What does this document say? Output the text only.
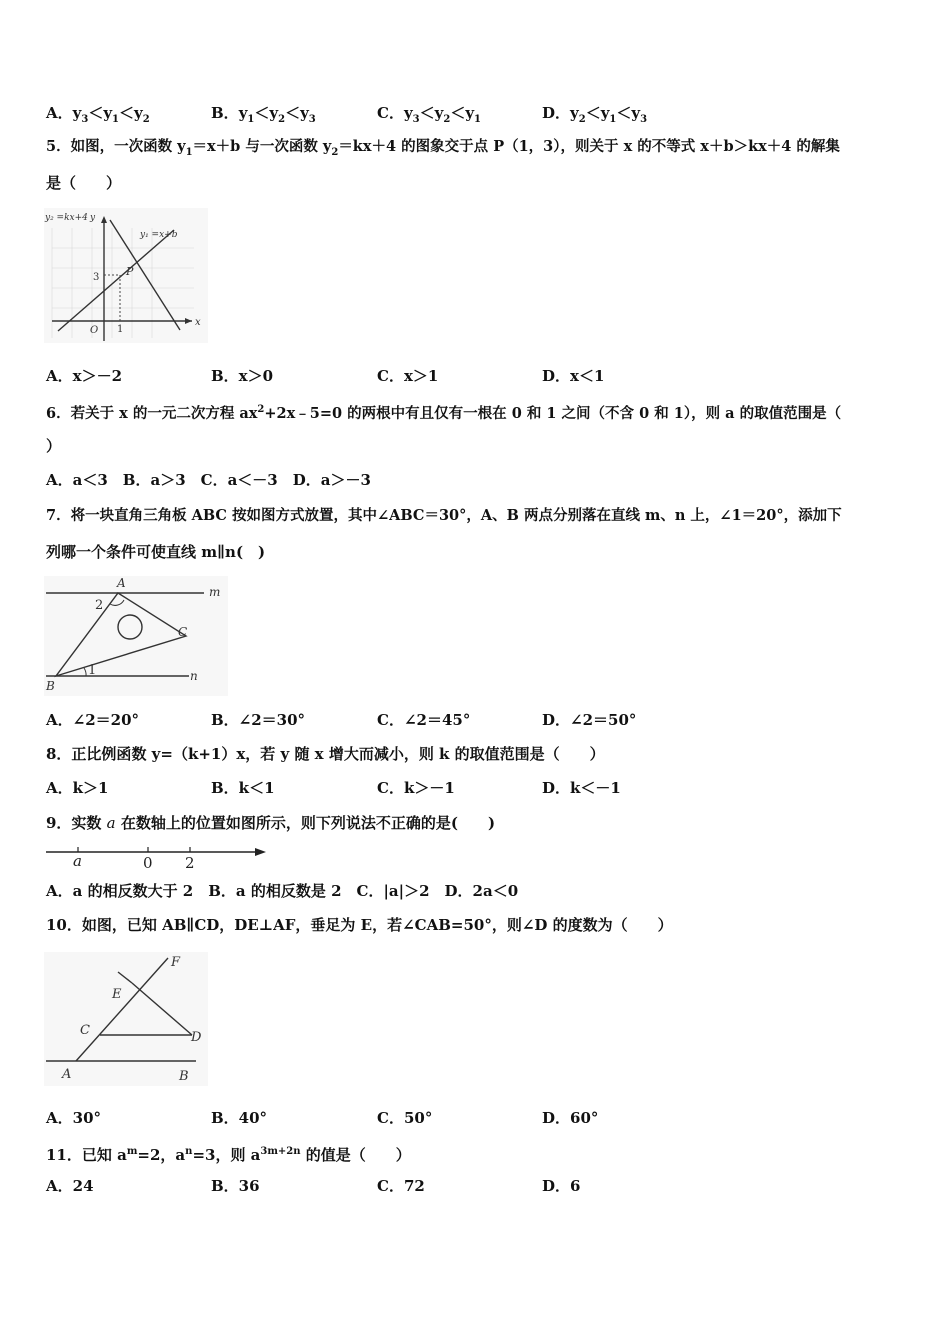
A．$y_3<y_1<y_2$	B．$y_1<y_2<y_3$	C．$y_3<y_2<y_1$	D．$y_2<y_1<y_3$
5．如图，一次函数 $y_1=x+b$ 与一次函数 $y_2=kx+4$ 的图象交于点 P（1，3），则关于 x 的不等式 x＋b＞kx＋4 的解集
是（　　）
y₂ =kx+4 y
y₁ =x+b
P
3
O 1
x
A．x＞－2	B．x＞0	C．x＞1	D．x＜1
6．若关于 x 的一元二次方程 $ax^2+2x﹣5=0$ 的两根中有且仅有一根在 0 和 1 之间（不含 0 和 1），则 a 的取值范围是（
）
A．a＜3　B．a＞3　C．a＜－3　D．a＞－3
7．将一块直角三角板 ABC 按如图方式放置，其中∠ABC＝30°，A、B 两点分别落在直线 m、n 上，∠1＝20°，添加下
列哪一个条件可使直线 m∥n(　)
A
m
2
C
B
1	n
A．∠2＝20°	B．∠2＝30°	C．∠2＝45°	D．∠2＝50°
8．正比例函数 y=（k+1）x，若 y 随 x 增大而减小，则 k 的取值范围是（　　）
A．k＞1	B．k＜1	C．k＞－1	D．k＜－1
9．实数 a 在数轴上的位置如图所示，则下列说法不正确的是(　　)
a	0 2
A．a 的相反数大于 2　B．a 的相反数是 2　C．|a|＞2　D．2a＜0
10．如图，已知 AB∥CD，DE⊥AF，垂足为 E，若∠CAB=50°，则∠D 的度数为（　　）
F
E
C	D
A	B
A．30°	B．40°	C．50°	D．60°
11．已知 $a^m=2$，$a^n=3$，则 $a^{3m+2n}$ 的值是（　　）
A．24	B．36	C．72	D．6
